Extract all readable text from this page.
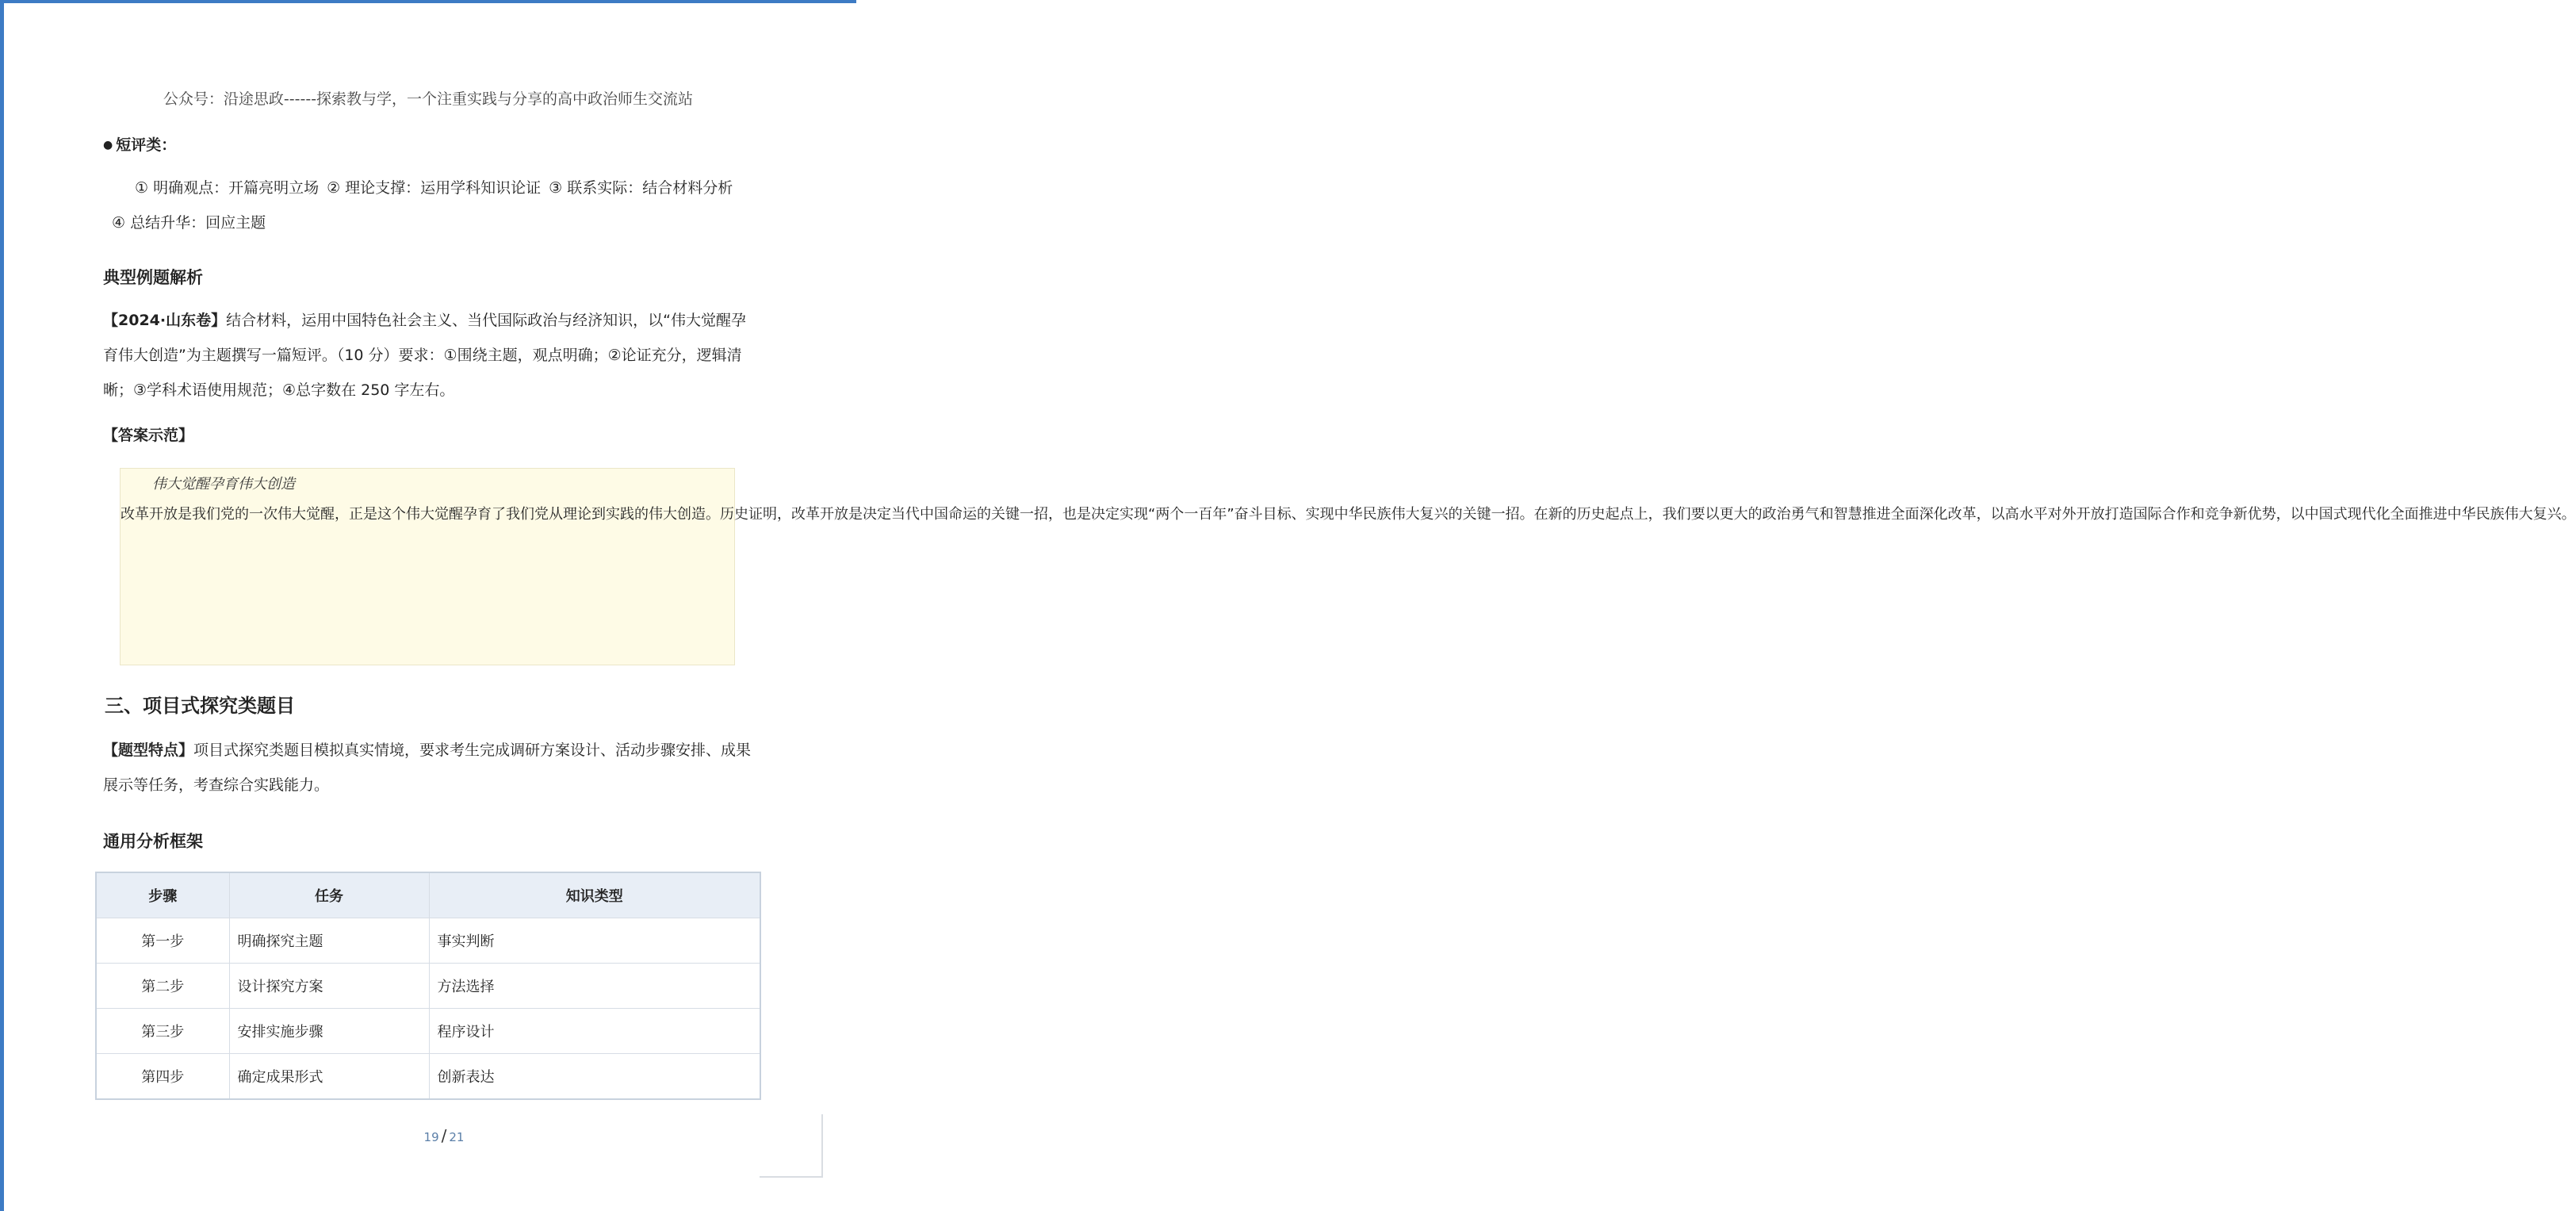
公众号：沿途思政------探索教与学，一个注重实践与分享的高中政治师生交流站
● 短评类：
① 明确观点：开篇亮明立场 ② 理论支撑：运用学科知识论证 ③ 联系实际：结合材料分析
④ 总结升华：回应主题
典型例题解析
【2024·山东卷】结合材料，运用中国特色社会主义、当代国际政治与经济知识，以“伟大觉醒孕育伟大创造”为主题撰写一篇短评。（10 分）要求：①围绕主题，观点明确；②论证充分，逻辑清晰；③学科术语使用规范；④总字数在 250 字左右。
【答案示范】
伟大觉醒孕育伟大创造
改革开放是我们党的一次伟大觉醒，正是这个伟大觉醒孕育了我们党从理论到实践的伟大创造。历史证明，改革开放是决定当代中国命运的关键一招，也是决定实现“两个一百年”奋斗目标、实现中华民族伟大复兴的关键一招。在新的历史起点上，我们要以更大的政治勇气和智慧推进全面深化改革，以高水平对外开放打造国际合作和竞争新优势，以中国式现代化全面推进中华民族伟大复兴。
三、项目式探究类题目
【题型特点】项目式探究类题目模拟真实情境，要求考生完成调研方案设计、活动步骤安排、成果展示等任务，考查综合实践能力。
通用分析框架
步骤	任务	知识类型
第一步	明确探究主题	事实判断
第二步	设计探究方案	方法选择
第三步	安排实施步骤	程序设计
第四步	确定成果形式	创新表达
19 / 21
